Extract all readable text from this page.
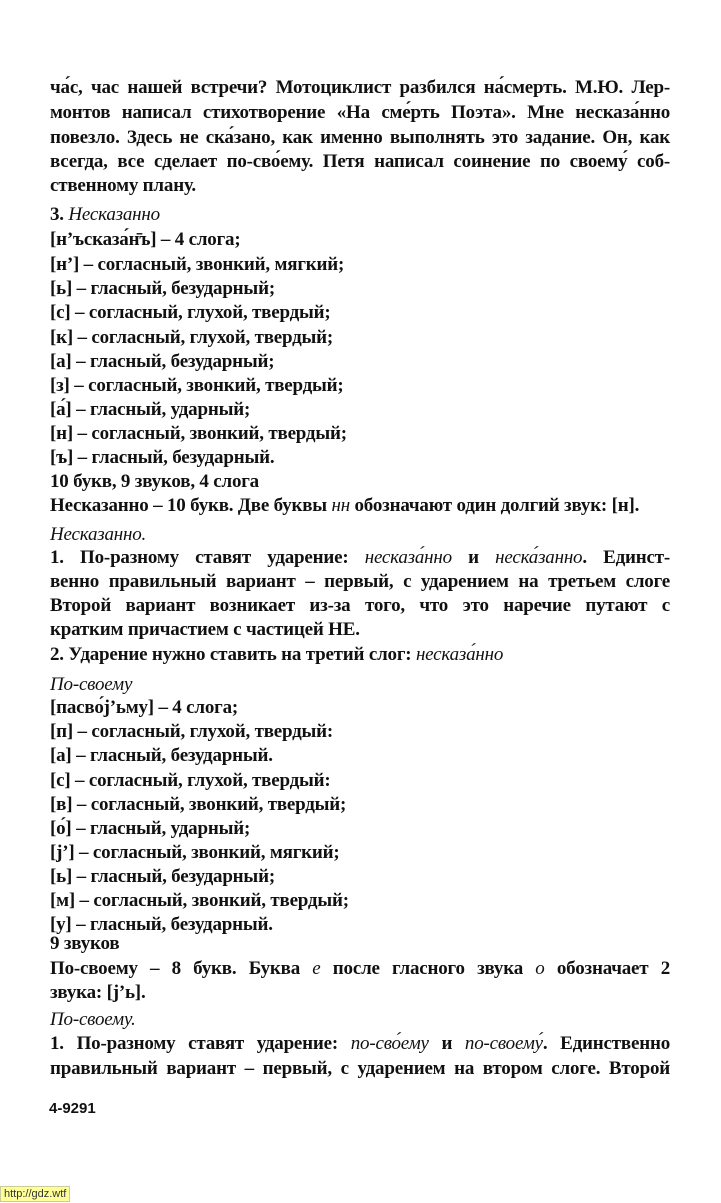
ча́с, час нашей встречи? Мотоциклист разбился на́смерть. М.Ю. Лер-
монтов написал стихотворение «На сме́рть Поэта». Мне несказа́нно
повезло. Здесь не ска́зано, как именно выполнять это задание. Он, как
всегда, все сделает по-сво́ему. Петя написал соинение по своему́ соб-
ственному плану.
3. Несказанно
[н’ъсказа́н̄ъ] – 4 слога;
[н’] – согласный, звонкий, мягкий;
[ь] – гласный, безударный;
[с] – согласный, глухой, твердый;
[к] – согласный, глухой, твердый;
[а] – гласный, безударный;
[з] – согласный, звонкий, твердый;
[а́] – гласный, ударный;
[н] – согласный, звонкий, твердый;
[ъ] – гласный, безударный.
10 букв, 9 звуков, 4 слога
Несказанно – 10 букв. Две буквы нн обозначают один долгий звук: [н].
Несказанно.
1. По-разному ставят ударение: несказа́нно и неска́занно. Единст-
венно правильный вариант – первый, с ударением на третьем слоге
Второй вариант возникает из-за того, что это наречие путают с
кратким причастием с частицей НЕ.
2. Ударение нужно ставить на третий слог: несказа́нно
По-своему
[пасво́j’ьму] – 4 слога;
[п] – согласный, глухой, твердый:
[а] – гласный, безударный.
[с] – согласный, глухой, твердый:
[в] – согласный, звонкий, твердый;
[о́] – гласный, ударный;
[j’] – согласный, звонкий, мягкий;
[ь] – гласный, безударный;
[м] – согласный, звонкий, твердый;
[у] – гласный, безударный.
9 звуков
По-своему – 8 букв. Буква е после гласного звука о обозначает 2
звука: [j’ь].
По-своему.
1. По-разному ставят ударение: по-сво́ему и по-своему́. Единственно
правильный вариант – первый, с ударением на втором слоге. Второй
4-9291
http://gdz.wtf
